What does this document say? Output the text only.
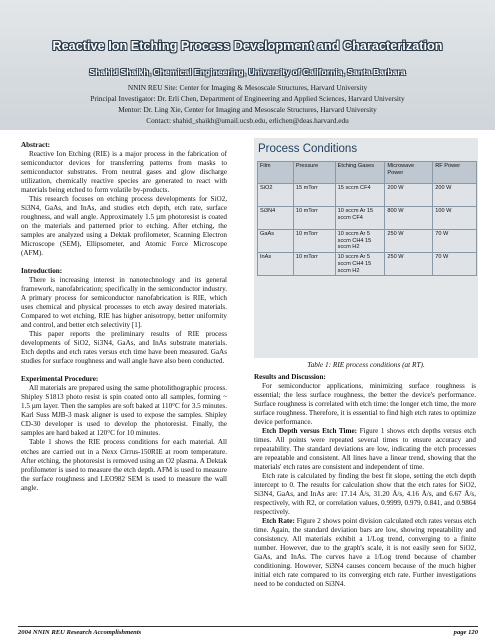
Reactive Ion Etching Process Development and Characterization
Shahid Shaikh, Chemical Engineering, University of California, Santa Barbara
NNIN REU Site: Center for Imaging & Mesoscale Structures, Harvard University
Principal Investigator: Dr. Erli Chen, Department of Engineering and Applied Sciences, Harvard University
Mentor: Dr. Ling Xie, Center for Imaging and Mesoscale Structures, Harvard University
Contact: shahid_shaikh@umail.ucsb.edu, erlichen@deas.harvard.edu
Abstract:
Reactive Ion Etching (RIE) is a major process in the fabrication of semiconductor devices for transferring patterns from masks to semiconductor substrates. From neutral gases and glow discharge utilization, chemically reactive species are generated to react with materials being etched to form volatile by-products.
This research focuses on etching process developments for SiO2, Si3N4, GaAs, and InAs, and studies etch depth, etch rate, surface roughness, and wall angle. Approximately 1.5 µm photoresist is coated on the materials and patterned prior to etching. After etching, the samples are analyzed using a Dektak profilometer, Scanning Electron Microscope (SEM), Ellipsometer, and Atomic Force Microscope (AFM).
Introduction:
There is increasing interest in nanotechnology and its general framework, nanofabrication; specifically in the semiconductor industry. A primary process for semiconductor nanofabrication is RIE, which uses chemical and physical processes to etch away desired materials. Compared to wet etching, RIE has higher anisotropy, better uniformity and control, and better etch selectivity [1].
This paper reports the preliminary results of RIE process developments of SiO2, Si3N4, GaAs, and InAs substrate materials. Etch depths and etch rates versus etch time have been measured. GaAs studies for surface roughness and wall angle have also been conducted.
Experimental Procedure:
All materials are prepared using the same photolithographic process. Shipley S1813 photo resist is spin coated onto all samples, forming ~ 1.5 µm layer. Then the samples are soft baked at 110°C for 3.5 minutes. Karl Suss MJB-3 mask aligner is used to expose the samples. Shipley CD-30 developer is used to develop the photoresist. Finally, the samples are hard baked at 120°C for 10 minutes.
Table 1 shows the RIE process conditions for each material. All etches are carried out in a Nexx Cirrus-150RIE at room temperature. After etching, the photoresist is removed using an O2 plasma. A Dektak profilometer is used to measure the etch depth. AFM is used to measure the surface roughness and LEO982 SEM is used to measure the wall angle.
Process Conditions
Film	Pressure	Etching Gases	Microwave Power	RF Power
SiO2	15 mTorr	15 sccm CF4	200 W	200 W
Si3N4	10 mTorr	10 sccm Ar 15 sccm CF4	800 W	100 W
GaAs	10 mTorr	10 sccm Ar 5 sccm CH4 15 sccm H2	250 W	70 W
InAs	10 mTorr	10 sccm Ar 5 sccm CH4 15 sccm H2	250 W	70 W
Table 1: RIE process conditions (at RT).
Results and Discussion:
For semiconductor applications, minimizing surface roughness is essential; the less surface roughness, the better the device's performance. Surface roughness is correlated with etch time: the longer etch time, the more surface roughness. Therefore, it is essential to find high etch rates to optimize device performance.
Etch Depth versus Etch Time: Figure 1 shows etch depths versus etch times. All points were repeated several times to ensure accuracy and repeatability. The standard deviations are low, indicating the etch processes are repeatable and consistent. All lines have a linear trend, showing that the materials' etch rates are consistent and independent of time.
Etch rate is calculated by finding the best fit slope, setting the etch depth intercept to 0. The results for calculation show that the etch rates for SiO2, Si3N4, GaAs, and InAs are: 17.14 Å/s, 31.20 Å/s, 4.16 Å/s, and 6.67 Å/s, respectively, with R2, or correlation values, 0.9999, 0.979, 0.841, and 0.9864 respectively.
Etch Rate: Figure 2 shows point division calculated etch rates versus etch time. Again, the standard deviation bars are low, showing repeatability and consistency. All materials exhibit a 1/Log trend, converging to a finite number. However, due to the graph's scale, it is not easily seen for SiO2, GaAs, and InAs. The curves have a 1/Log trend because of chamber conditioning. However, Si3N4 causes concern because of the much higher initial etch rate compared to its converging etch rate. Further investigations need to be conducted on Si3N4.
2004 NNIN REU Research Accomplishments	page 120
